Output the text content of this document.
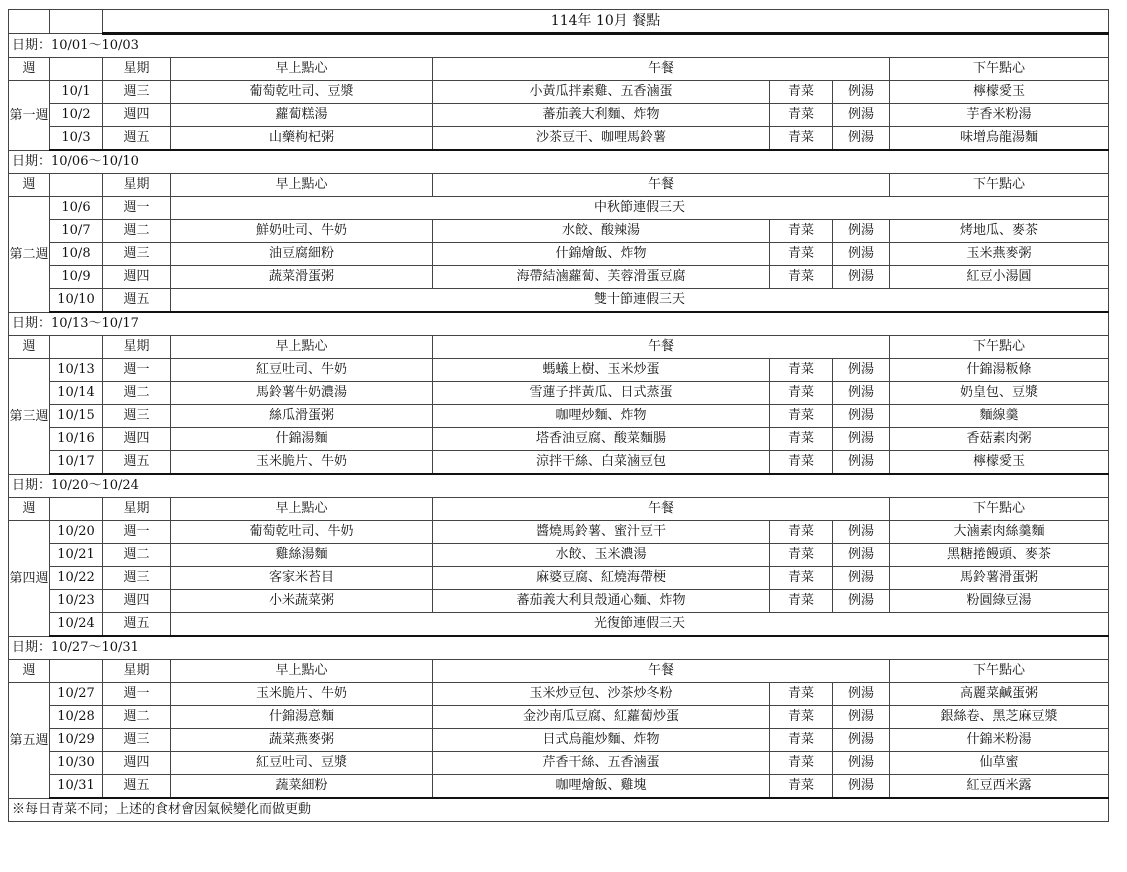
		114年 10月 餐點					
日期：10/01～10/03							
週		星期	早上點心	午餐			下午點心
第一週	10/1	週三	葡萄乾吐司、豆漿	小黃瓜拌素雞、五香滷蛋	青菜	例湯	檸檬愛玉
	10/2	週四	蘿蔔糕湯	蕃茄義大利麵、炸物	青菜	例湯	芋香米粉湯
	10/3	週五	山藥枸杞粥	沙茶豆干、咖哩馬鈴薯	青菜	例湯	味增烏龍湯麵
日期：10/06～10/10							
週		星期	早上點心	午餐			下午點心
第二週	10/6	週一	中秋節連假三天				
	10/7	週二	鮮奶吐司、牛奶	水餃、酸辣湯	青菜	例湯	烤地瓜、麥茶
	10/8	週三	油豆腐細粉	什錦燴飯、炸物	青菜	例湯	玉米燕麥粥
	10/9	週四	蔬菜滑蛋粥	海帶結滷蘿蔔、芙蓉滑蛋豆腐	青菜	例湯	紅豆小湯圓
	10/10	週五	雙十節連假三天				
日期：10/13～10/17							
週		星期	早上點心	午餐			下午點心
第三週	10/13	週一	紅豆吐司、牛奶	螞蟻上樹、玉米炒蛋	青菜	例湯	什錦湯粄條
	10/14	週二	馬鈴薯牛奶濃湯	雪蓮子拌黃瓜、日式蒸蛋	青菜	例湯	奶皇包、豆漿
	10/15	週三	絲瓜滑蛋粥	咖哩炒麵、炸物	青菜	例湯	麵線羹
	10/16	週四	什錦湯麵	塔香油豆腐、酸菜麵腸	青菜	例湯	香菇素肉粥
	10/17	週五	玉米脆片、牛奶	涼拌干絲、白菜滷豆包	青菜	例湯	檸檬愛玉
日期：10/20～10/24							
週		星期	早上點心	午餐			下午點心
第四週	10/20	週一	葡萄乾吐司、牛奶	醬燒馬鈴薯、蜜汁豆干	青菜	例湯	大滷素肉絲羹麵
	10/21	週二	雞絲湯麵	水餃、玉米濃湯	青菜	例湯	黑糖捲饅頭、麥茶
	10/22	週三	客家米苔目	麻婆豆腐、紅燒海帶梗	青菜	例湯	馬鈴薯滑蛋粥
	10/23	週四	小米蔬菜粥	蕃茄義大利貝殼通心麵、炸物	青菜	例湯	粉圓綠豆湯
	10/24	週五	光復節連假三天				
日期：10/27～10/31							
週		星期	早上點心	午餐			下午點心
第五週	10/27	週一	玉米脆片、牛奶	玉米炒豆包、沙茶炒冬粉	青菜	例湯	高麗菜鹹蛋粥
	10/28	週二	什錦湯意麵	金沙南瓜豆腐、紅蘿蔔炒蛋	青菜	例湯	銀絲卷、黑芝麻豆漿
	10/29	週三	蔬菜燕麥粥	日式烏龍炒麵、炸物	青菜	例湯	什錦米粉湯
	10/30	週四	紅豆吐司、豆漿	芹香干絲、五香滷蛋	青菜	例湯	仙草蜜
	10/31	週五	蔬菜細粉	咖哩燴飯、雞塊	青菜	例湯	紅豆西米露
※每日青菜不同；上述的食材會因氣候變化而做更動							
